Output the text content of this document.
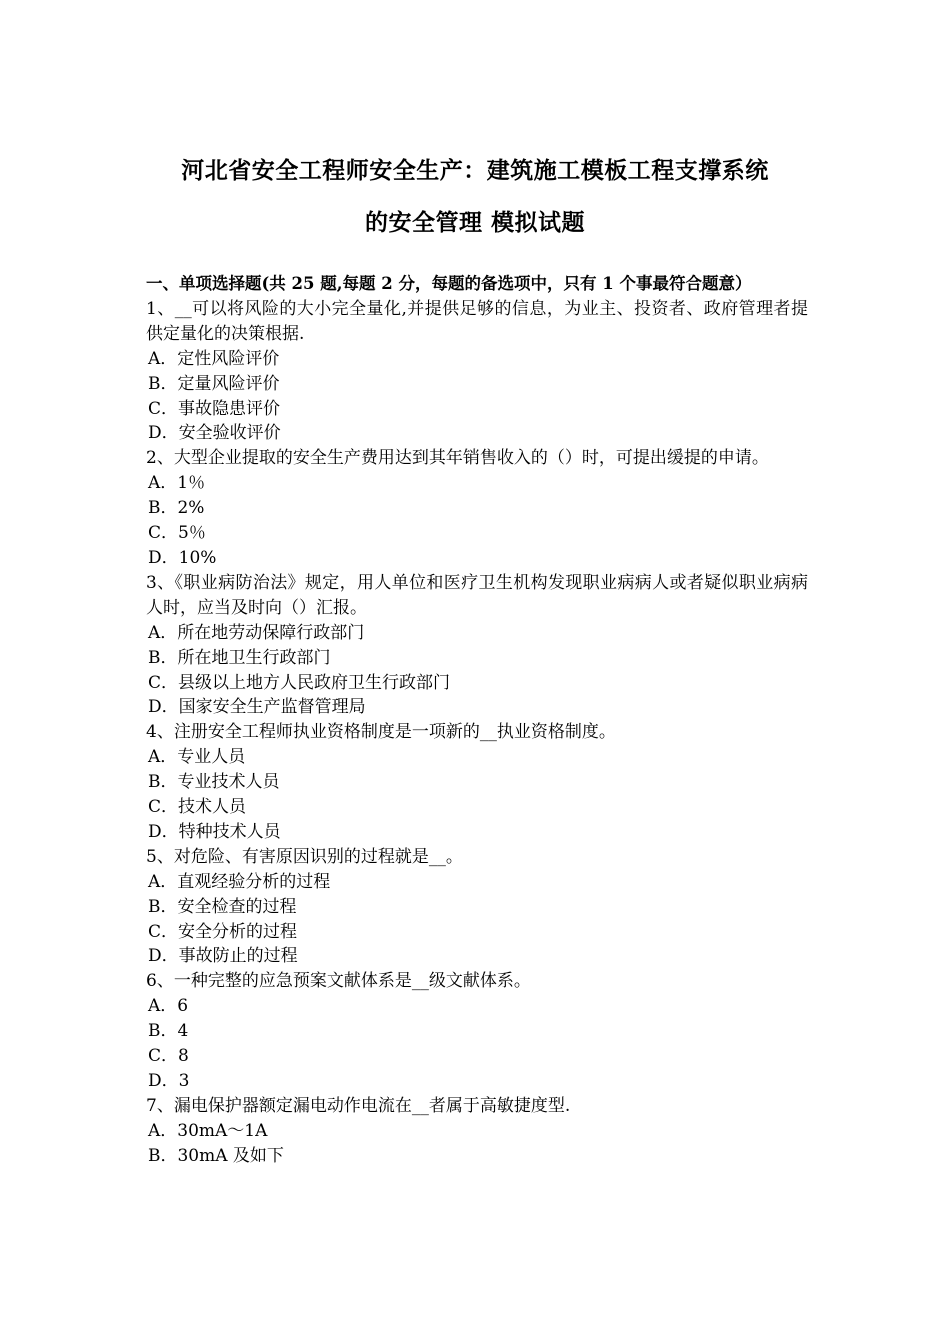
河北省安全工程师安全生产：建筑施工模板工程支撑系统
的安全管理 模拟试题
一、单项选择题(共 25 题,每题 2 分，每题的备选项中，只有 1 个事最符合题意）
1、__可以将风险的大小完全量化,并提供足够的信息，为业主、投资者、政府管理者提供定量化的决策根据.
A．定性风险评价
B．定量风险评价
C．事故隐患评价
D．安全验收评价
2、大型企业提取的安全生产费用达到其年销售收入的（）时，可提出缓提的申请。
A．1％
B．2%
C．5％
D．10%
3、《职业病防治法》规定，用人单位和医疗卫生机构发现职业病病人或者疑似职业病病人时，应当及时向（）汇报。
A．所在地劳动保障行政部门
B．所在地卫生行政部门
C．县级以上地方人民政府卫生行政部门
D．国家安全生产监督管理局
4、注册安全工程师执业资格制度是一项新的__执业资格制度。
A．专业人员
B．专业技术人员
C．技术人员
D．特种技术人员
5、对危险、有害原因识别的过程就是__。
A．直观经验分析的过程
B．安全检查的过程
C．安全分析的过程
D．事故防止的过程
6、一种完整的应急预案文献体系是__级文献体系。
A．6
B．4
C．8
D．3
7、漏电保护器额定漏电动作电流在__者属于高敏捷度型.
A．30mA～1A
B．30mA 及如下
